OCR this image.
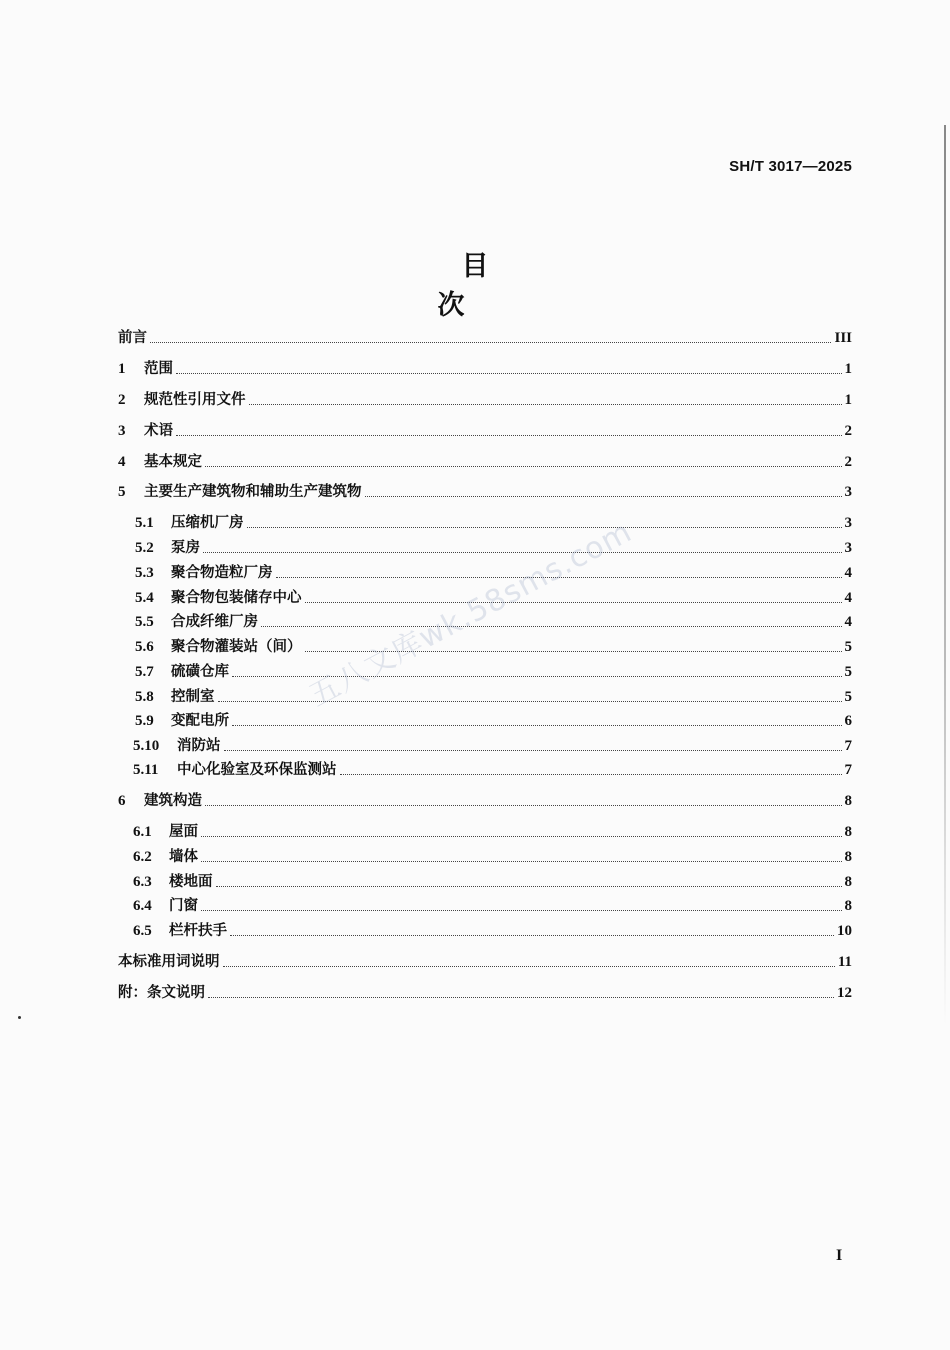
SH/T 3017—2025
目次
前言	III
1	范围	1
2	规范性引用文件	1
3	术语	2
4	基本规定	2
5	主要生产建筑物和辅助生产建筑物	3
5.1	压缩机厂房	3
5.2	泵房	3
5.3	聚合物造粒厂房	4
5.4	聚合物包装储存中心	4
5.5	合成纤维厂房	4
5.6	聚合物灌装站（间）	5
5.7	硫磺仓库	5
5.8	控制室	5
5.9	变配电所	6
5.10	消防站	7
5.11	中心化验室及环保监测站	7
6	建筑构造	8
6.1	屋面	8
6.2	墙体	8
6.3	楼地面	8
6.4	门窗	8
6.5	栏杆扶手	10
本标准用词说明	11
附：条文说明	12
五八文库wk.58sms.com
I
